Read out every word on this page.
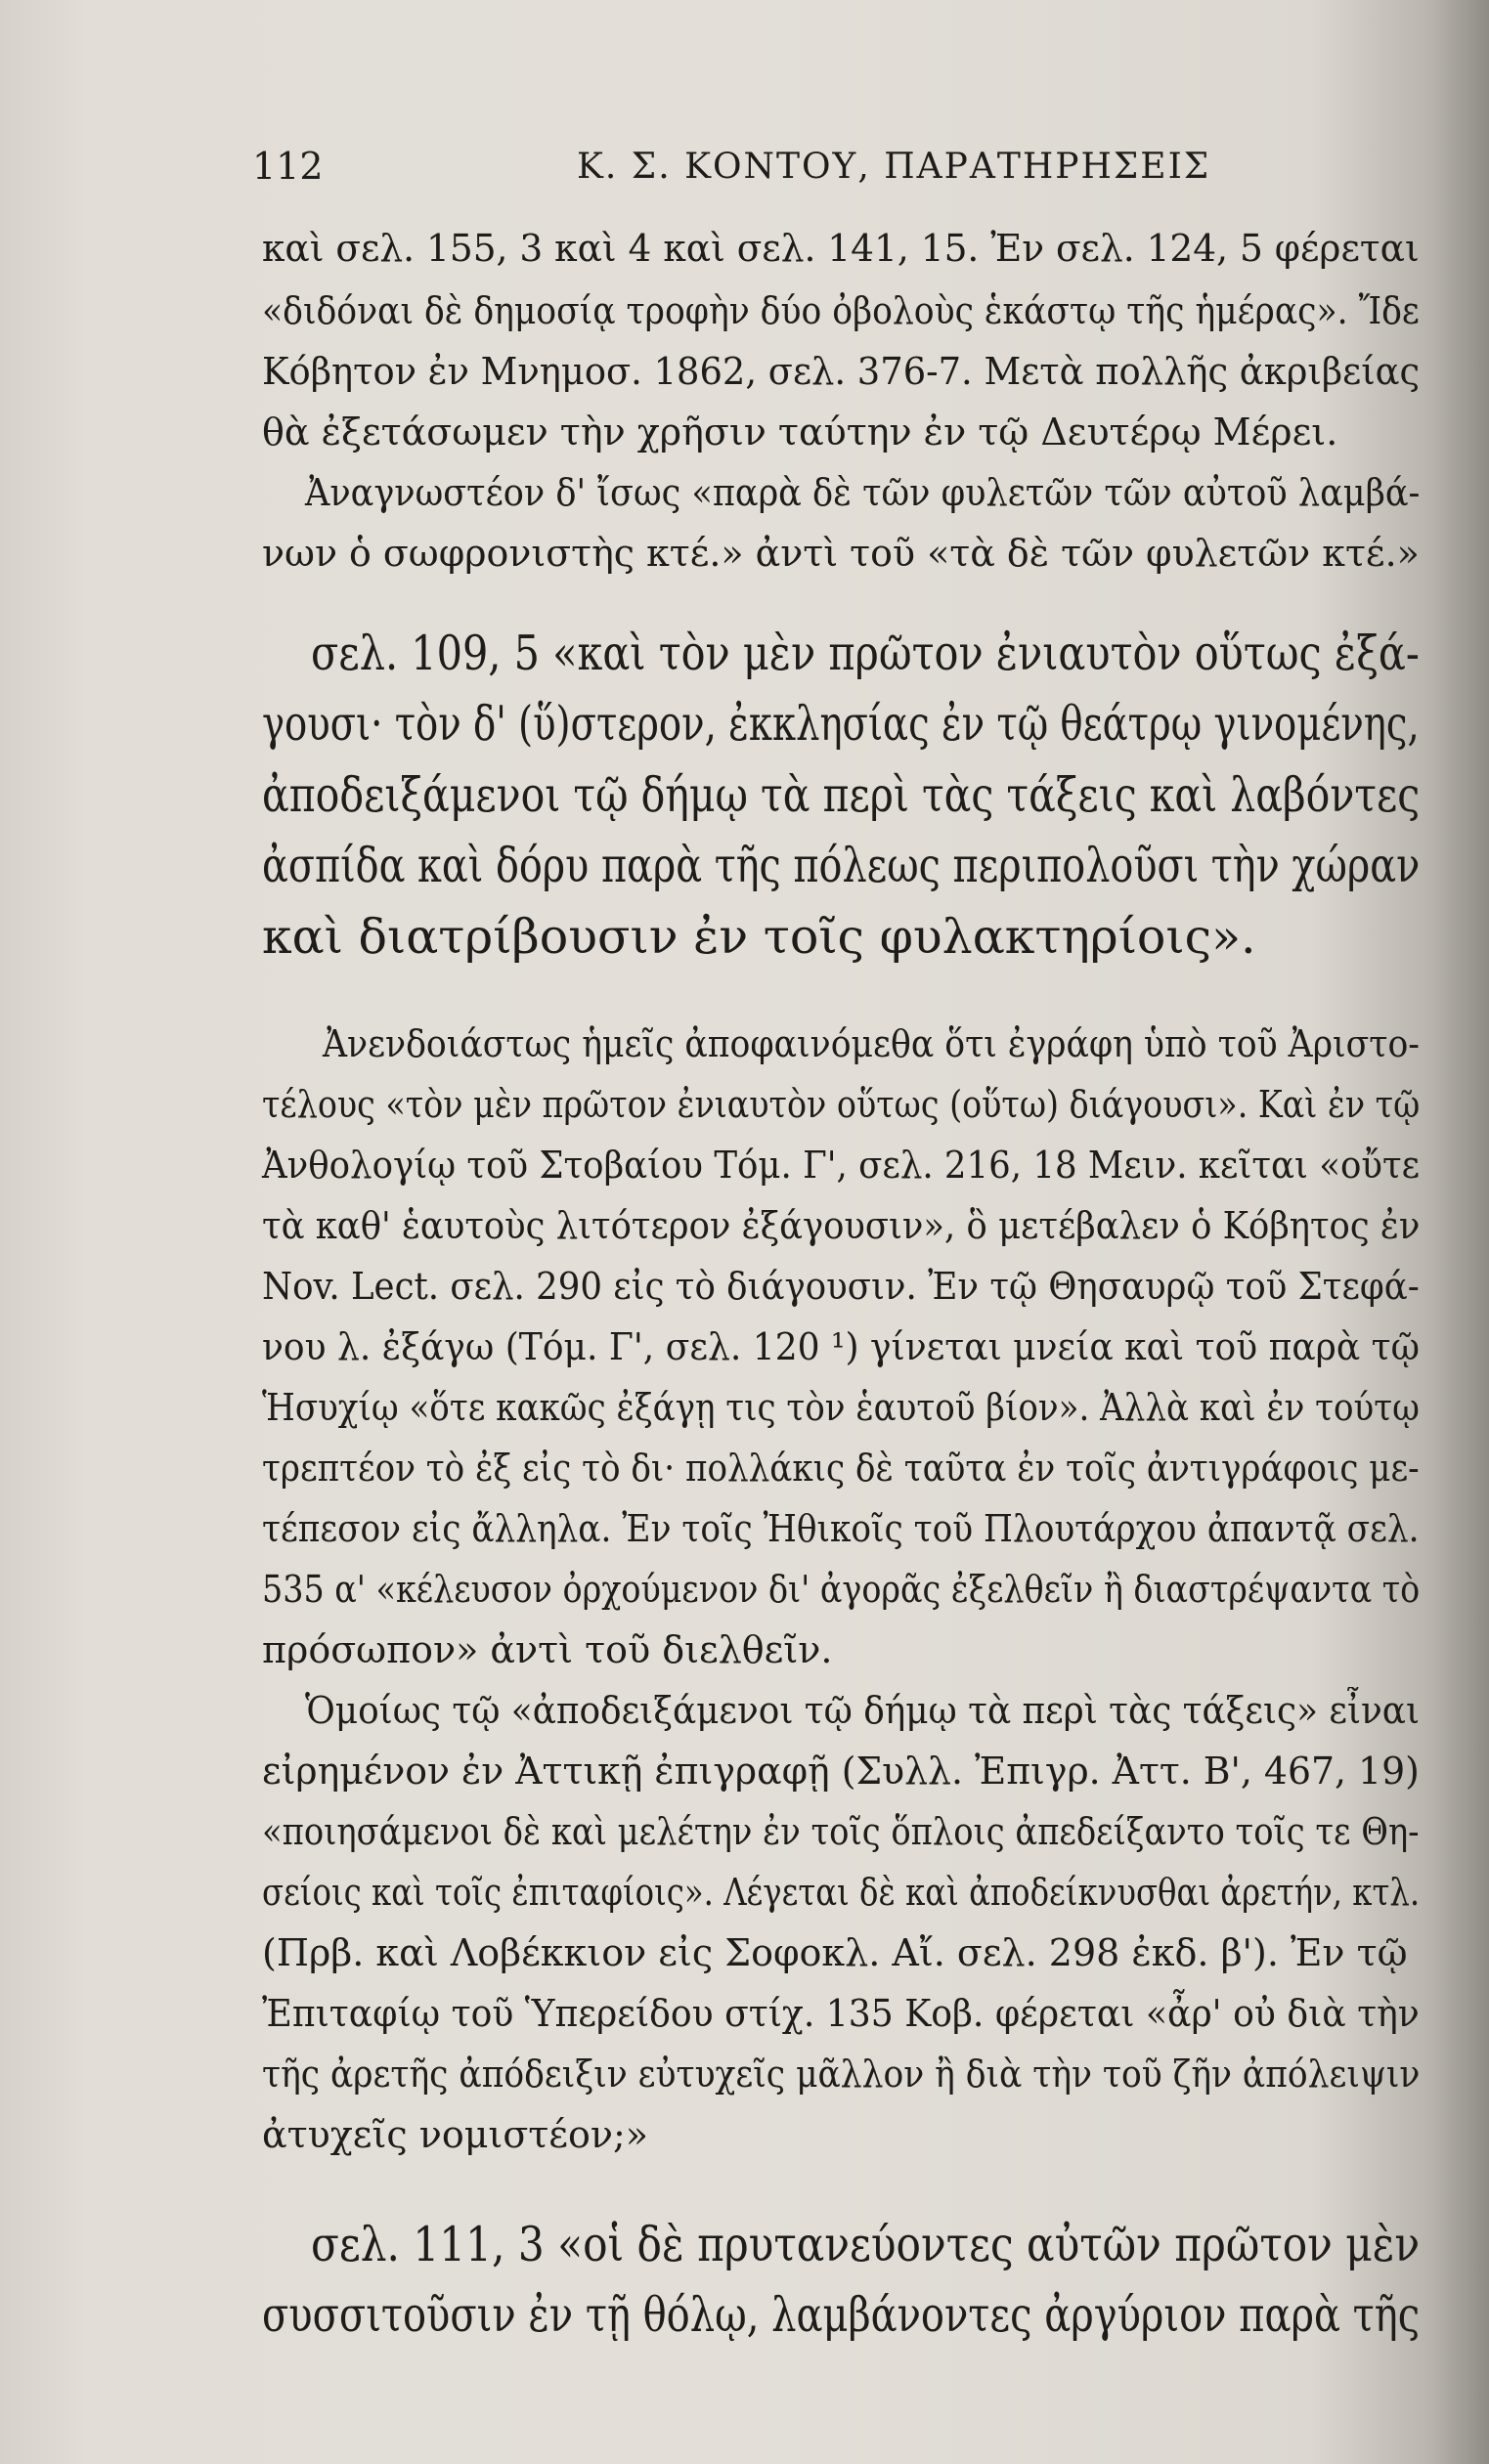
112	Κ. Σ. ΚΟΝΤΟΥ, ΠΑΡΑΤΗΡΗΣΕΙΣ
καὶ σελ. 155, 3 καὶ 4 καὶ σελ. 141, 15. Ἐν σελ. 124, 5 φέρεται
«διδόναι δὲ δημοσίᾳ τροφὴν δύο ὀβολοὺς ἑκάστῳ τῆς ἡμέρας». Ἴδε
Κόβητον ἐν Μνημοσ. 1862, σελ. 376-7. Μετὰ πολλῆς ἀκριβείας
θὰ ἐξετάσωμεν τὴν χρῆσιν ταύτην ἐν τῷ Δευτέρῳ Μέρει.
Ἀναγνωστέον δ' ἴσως «παρὰ δὲ τῶν φυλετῶν τῶν αὐτοῦ λαμβά-
νων ὁ σωφρονιστὴς κτέ.» ἀντὶ τοῦ «τὰ δὲ τῶν φυλετῶν κτέ.»
σελ. 109, 5 «καὶ τὸν μὲν πρῶτον ἐνιαυτὸν οὕτως ἐξά-
γουσι· τὸν δ' (ὕ)στερον, ἐκκλησίας ἐν τῷ θεάτρῳ γινομένης,
ἀποδειξάμενοι τῷ δήμῳ τὰ περὶ τὰς τάξεις καὶ λαβόντες
ἀσπίδα καὶ δόρυ παρὰ τῆς πόλεως περιπολοῦσι τὴν χώραν
καὶ διατρίβουσιν ἐν τοῖς φυλακτηρίοις».
Ἀνενδοιάστως ἡμεῖς ἀποφαινόμεθα ὅτι ἐγράφη ὑπὸ τοῦ Ἀριστο-
τέλους «τὸν μὲν πρῶτον ἐνιαυτὸν οὕτως (οὕτω) διάγουσι». Καὶ ἐν τῷ
Ἀνθολογίῳ τοῦ Στοβαίου Τόμ. Γ', σελ. 216, 18 Μειν. κεῖται «οὔτε
τὰ καθ' ἑαυτοὺς λιτότερον ἐξάγουσιν», ὃ μετέβαλεν ὁ Κόβητος ἐν
Nov. Lect. σελ. 290 εἰς τὸ διάγουσιν. Ἐν τῷ Θησαυρῷ τοῦ Στεφά-
νου λ. ἐξάγω (Τόμ. Γ', σελ. 120 ¹) γίνεται μνεία καὶ τοῦ παρὰ τῷ
Ἡσυχίῳ «ὅτε κακῶς ἐξάγῃ τις τὸν ἑαυτοῦ βίον». Ἀλλὰ καὶ ἐν τούτῳ
τρεπτέον τὸ ἐξ εἰς τὸ δι· πολλάκις δὲ ταῦτα ἐν τοῖς ἀντιγράφοις με-
τέπεσον εἰς ἄλληλα. Ἐν τοῖς Ἠθικοῖς τοῦ Πλουτάρχου ἀπαντᾷ σελ.
535 α' «κέλευσον ὀρχούμενον δι' ἀγορᾶς ἐξελθεῖν ἢ διαστρέψαντα τὸ
πρόσωπον» ἀντὶ τοῦ διελθεῖν.
Ὁμοίως τῷ «ἀποδειξάμενοι τῷ δήμῳ τὰ περὶ τὰς τάξεις» εἶναι
εἰρημένον ἐν Ἀττικῇ ἐπιγραφῇ (Συλλ. Ἐπιγρ. Ἀττ. Β', 467, 19)
«ποιησάμενοι δὲ καὶ μελέτην ἐν τοῖς ὅπλοις ἀπεδείξαντο τοῖς τε Θη-
σείοις καὶ τοῖς ἐπιταφίοις». Λέγεται δὲ καὶ ἀποδείκνυσθαι ἀρετήν, κτλ.
(Πρβ. καὶ Λοβέκκιον εἰς Σοφοκλ. Αἴ. σελ. 298 ἐκδ. β'). Ἐν τῷ
Ἐπιταφίῳ τοῦ Ὑπερείδου στίχ. 135 Κοβ. φέρεται «ἆρ' οὐ διὰ τὴν
τῆς ἀρετῆς ἀπόδειξιν εὐτυχεῖς μᾶλλον ἢ διὰ τὴν τοῦ ζῆν ἀπόλειψιν
ἀτυχεῖς νομιστέον;»
σελ. 111, 3 «οἱ δὲ πρυτανεύοντες αὐτῶν πρῶτον μὲν
συσσιτοῦσιν ἐν τῇ θόλῳ, λαμβάνοντες ἀργύριον παρὰ τῆς
